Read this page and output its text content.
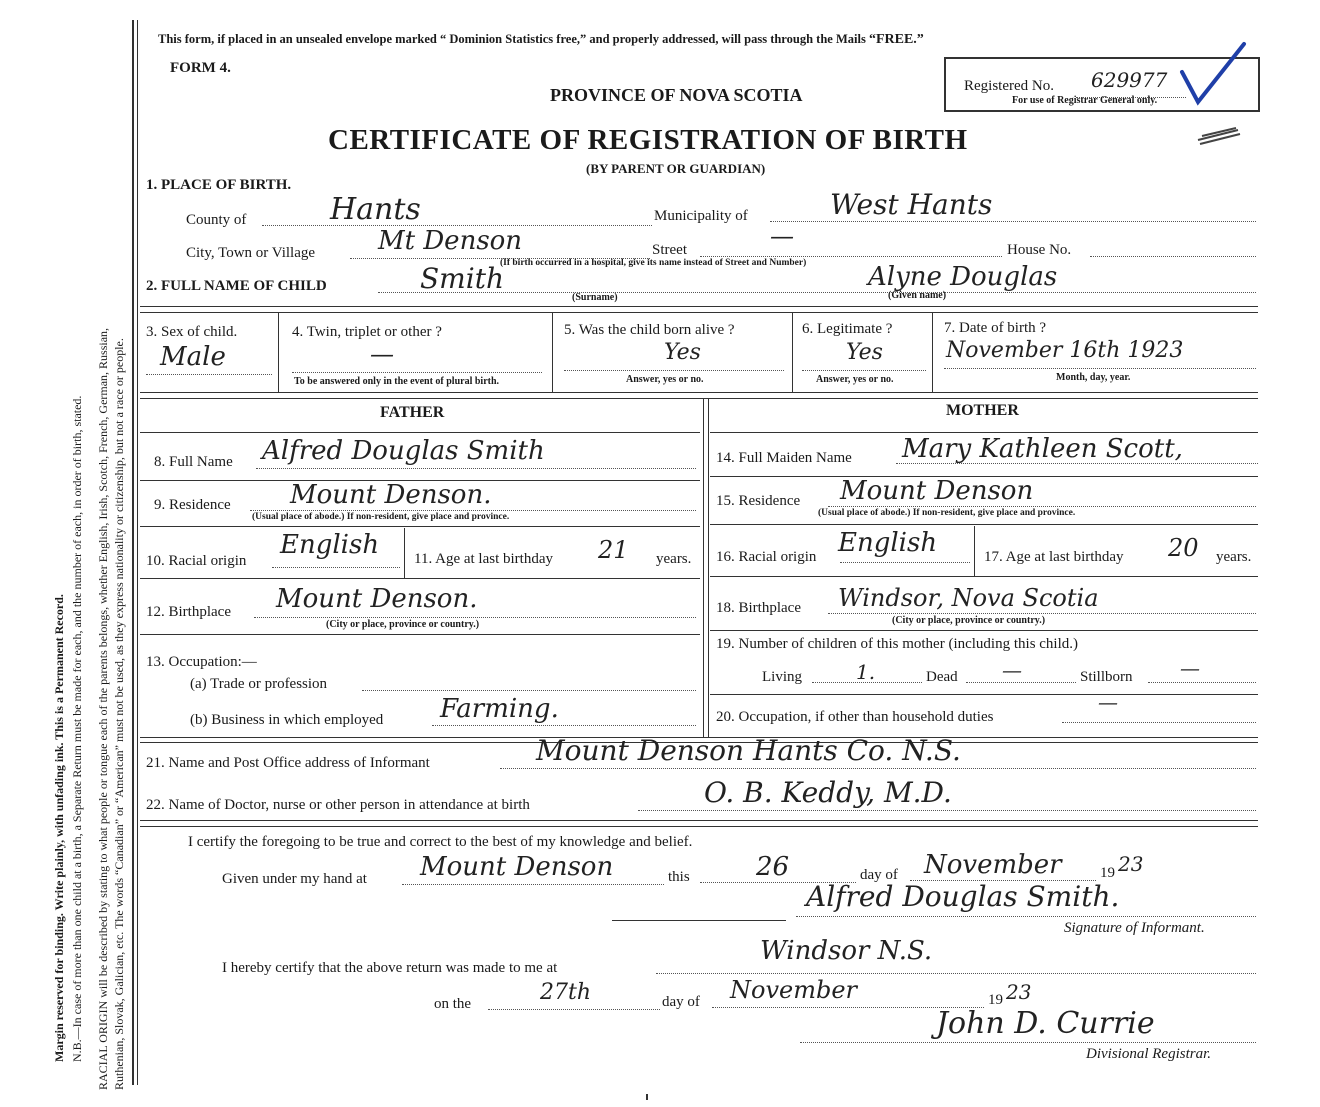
Margin reserved for binding. Write plainly, with unfading ink. This is a Permanent Record. N.B.—In case of more than one child at a birth, a Separate Return must be made for each, and the number of each, in order of birth, stated. RACIAL ORIGIN will be described by stating to what people or tongue each of the parents belongs, whether English, Irish, Scotch, French, German, Russian, Ruthenian, Slovak, Galician, etc. The words “Canadian” or “American” must not be used, as they express nationality or citizenship, but not a race or people.
This form, if placed in an unsealed envelope marked “ Dominion Statistics free,” and properly addressed, will pass through the Mails “FREE.”
FORM 4.
PROVINCE OF NOVA SCOTIA
CERTIFICATE OF REGISTRATION OF BIRTH
(BY PARENT OR GUARDIAN)
Registered No. 629977
For use of Registrar General only.
1. PLACE OF BIRTH.
County of	Hants	Municipality of	West Hants
City, Town or Village Mt Denson	Street	—	House No.
(If birth occurred in a hospital, give its name instead of Street and Number)
2. FULL NAME OF CHILD	Smith
(Surname)
Alyne Douglas
(Given name)
3. Sex of child.
Male
4. Twin, triplet or other ?
—
To be answered only in the event of plural birth.
5. Was the child born alive ?
Yes
Answer, yes or no.
6. Legitimate ?
Yes
Answer, yes or no.
7. Date of birth ?
November 16th 1923
Month, day, year.
FATHER	MOTHER
8. Full Name Alfred Douglas Smith
9. Residence Mount Denson.
(Usual place of abode.) If non-resident, give place and province.
10. Racial origin
English 11. Age at last birthday 21 years.
12. Birthplace Mount Denson.
(City or place, province or country.)
13. Occupation:—
(a) Trade or profession
(b) Business in which employed Farming.
14. Full Maiden Name Mary Kathleen Scott,
15. Residence Mount Denson
(Usual place of abode.) If non-resident, give place and province.
16. Racial origin English	17. Age at last birthday 20 years.
18. Birthplace Windsor, Nova Scotia
(City or place, province or country.)
19. Number of children of this mother (including this child.)
Living	1.	Dead —	Stillborn —
20. Occupation, if other than household duties
—
21. Name and Post Office address of Informant	Mount Denson Hants Co. N.S.
22. Name of Doctor, nurse or other person in attendance at birth	O. B. Keddy, M.D.
I certify the foregoing to be true and correct to the best of my knowledge and belief.
Given under my hand at Mount Denson	this	26	day of November	19 23
Alfred Douglas Smith.
Signature of Informant.
I hereby certify that the above return was made to me at
Windsor N.S.
on the	27th	day of November	19 23
John D. Currie
Divisional Registrar.
